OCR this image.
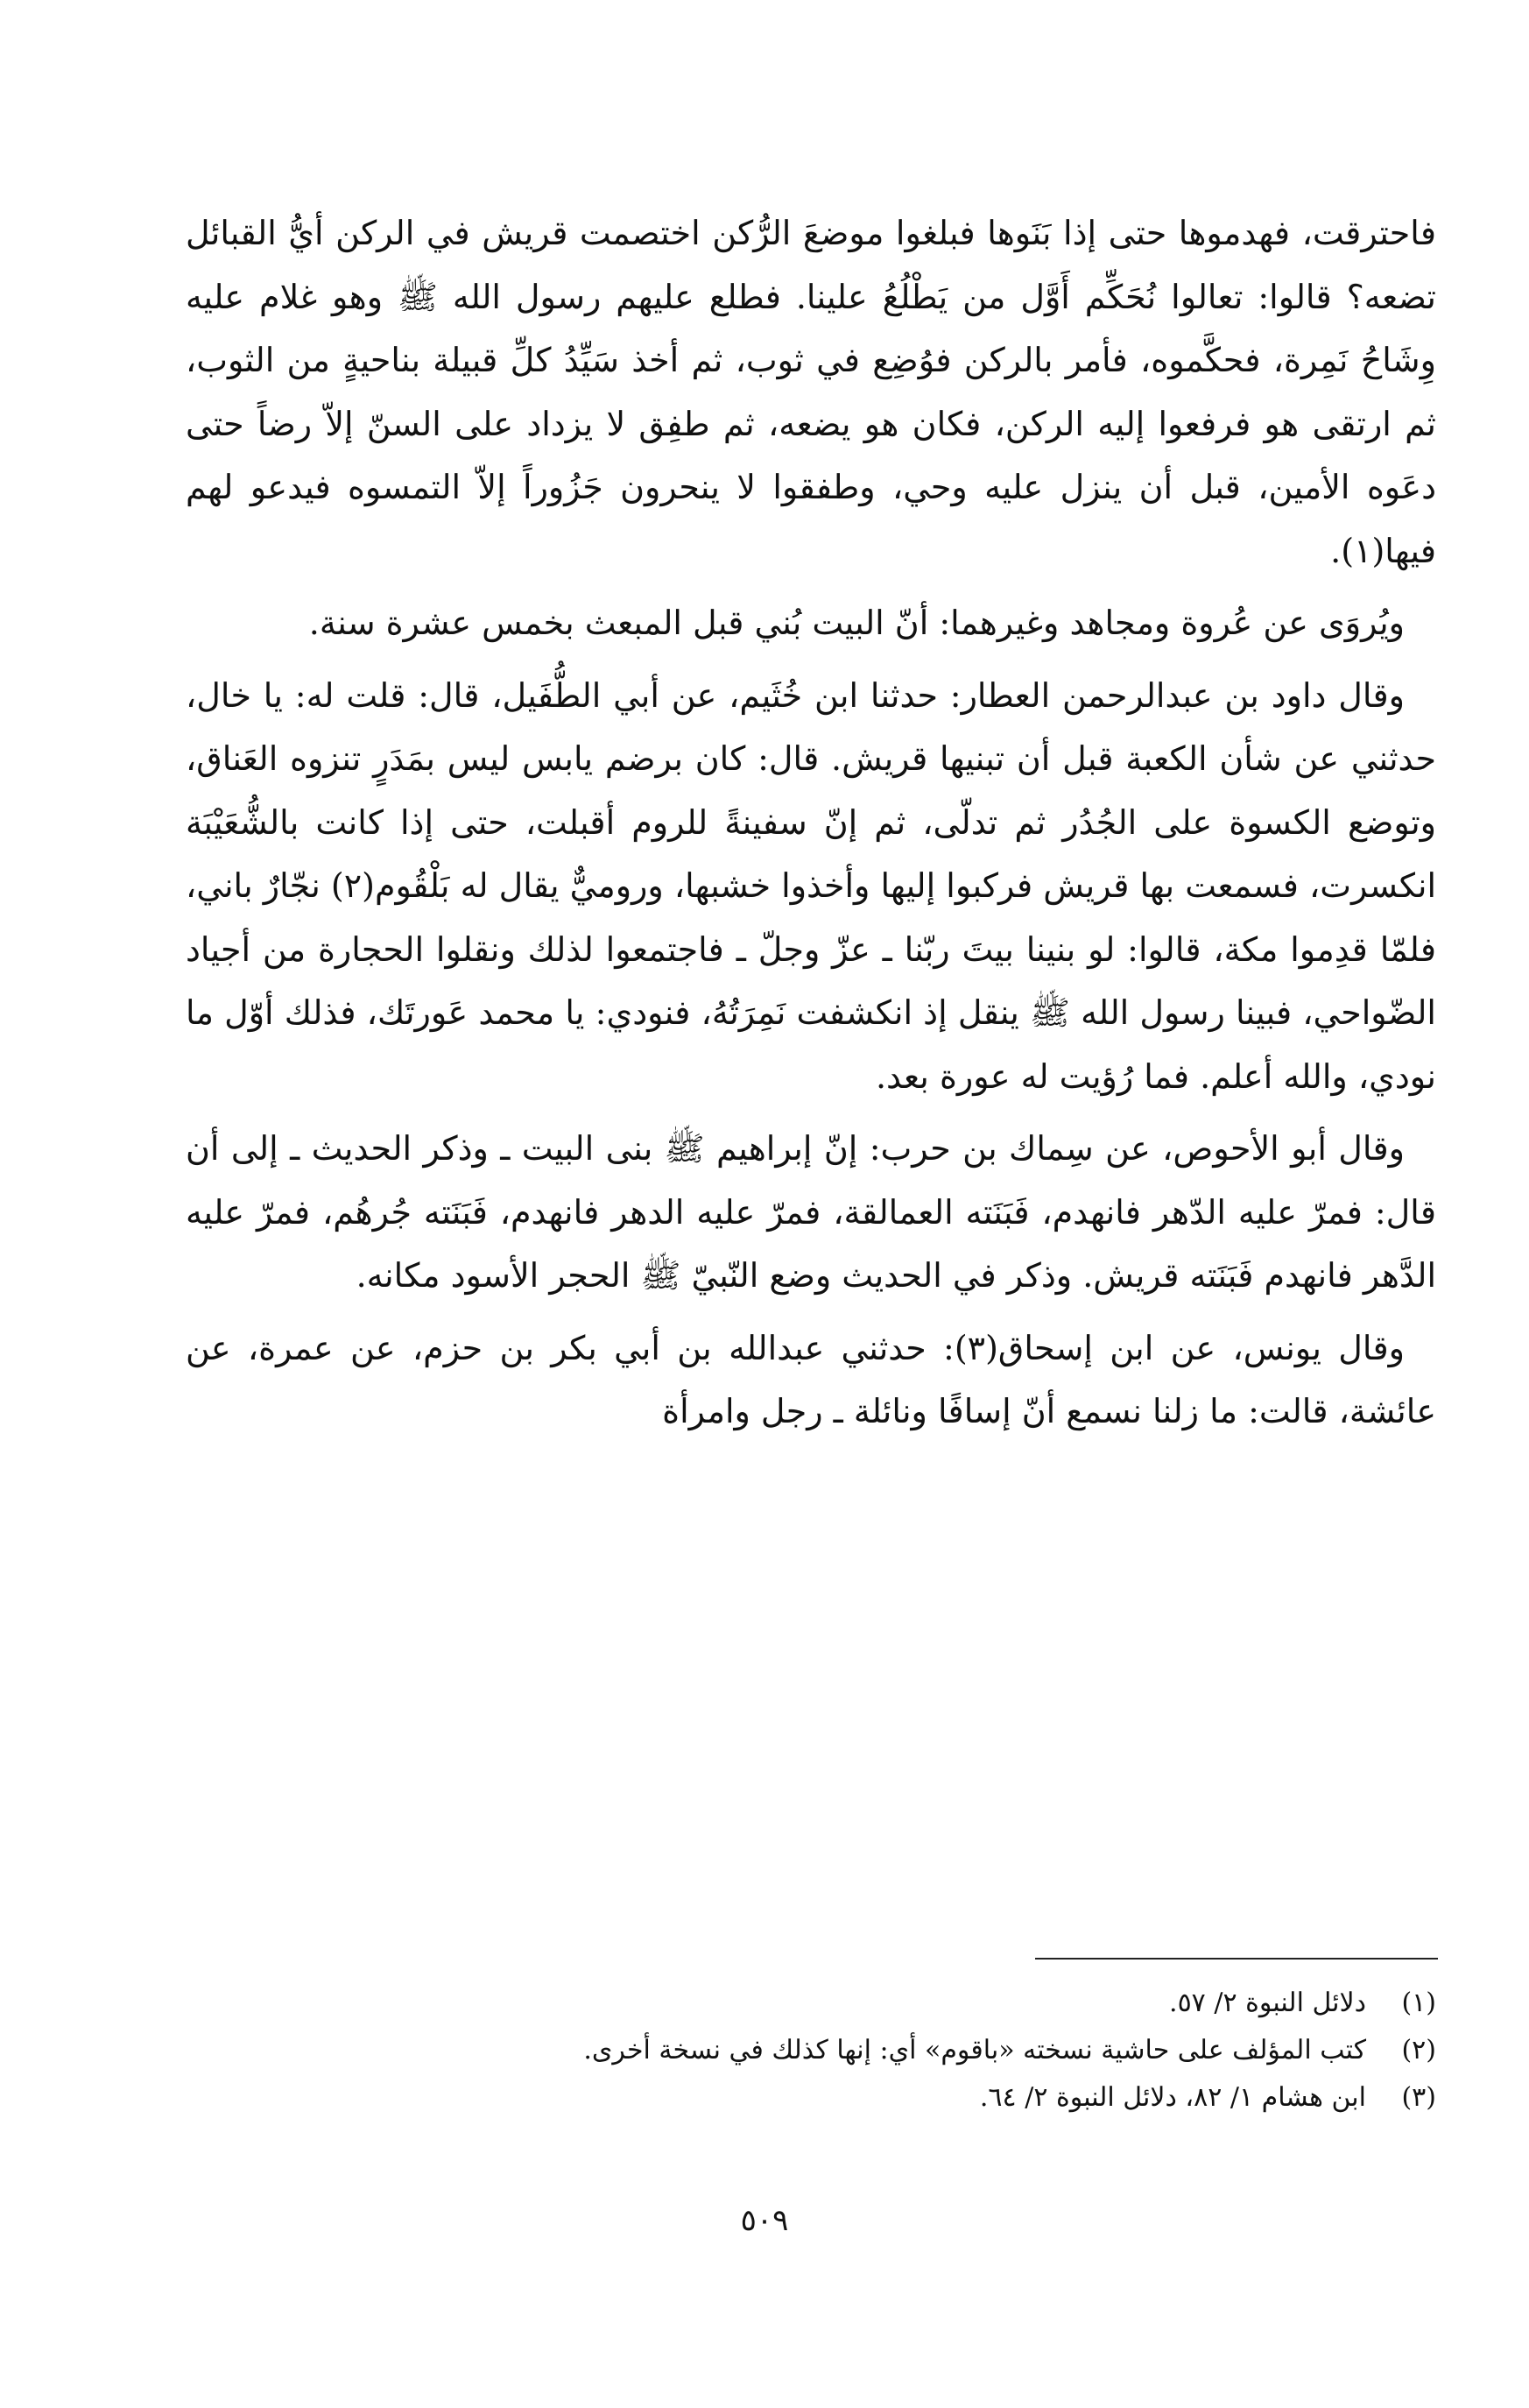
فاحترقت، فهدموها حتى إذا بَنَوها فبلغوا موضعَ الرُّكن اختصمت قريش في الركن أيُّ القبائل تضعه؟ قالوا: تعالوا نُحَكِّم أَوَّل من يَطْلُعُ علينا. فطلع عليهم رسول الله ﷺ وهو غلام عليه وِشَاحُ نَمِرة، فحكَّموه، فأمر بالركن فوُضِع في ثوب، ثم أخذ سَيِّدُ كلِّ قبيلة بناحيةٍ من الثوب، ثم ارتقى هو فرفعوا إليه الركن، فكان هو يضعه، ثم طفِق لا يزداد على السنّ إلاّ رضاً حتى دعَوه الأمين، قبل أن ينزل عليه وحي، وطفقوا لا ينحرون جَزُوراً إلاّ التمسوه فيدعو لهم فيها(١).

ويُروَى عن عُروة ومجاهد وغيرهما: أنّ البيت بُني قبل المبعث بخمس عشرة سنة.

وقال داود بن عبدالرحمن العطار: حدثنا ابن خُثَيم، عن أبي الطُّفَيل، قال: قلت له: يا خال، حدثني عن شأن الكعبة قبل أن تبنيها قريش. قال: كان برضم يابس ليس بمَدَرٍ تنزوه العَناق، وتوضع الكسوة على الجُدُر ثم تدلّى، ثم إنّ سفينةً للروم أقبلت، حتى إذا كانت بالشُّعَيْبَة انكسرت، فسمعت بها قريش فركبوا إليها وأخذوا خشبها، وروميٌّ يقال له بَلْقُوم(٢) نجّارٌ باني، فلمّا قدِموا مكة، قالوا: لو بنينا بيتَ ربّنا ـ عزّ وجلّ ـ فاجتمعوا لذلك ونقلوا الحجارة من أجياد الضّواحي، فبينا رسول الله ﷺ ينقل إذ انكشفت نَمِرَتُهُ، فنودي: يا محمد عَورتَك، فذلك أوّل ما نودي، والله أعلم. فما رُؤيت له عورة بعد.

وقال أبو الأحوص، عن سِماك بن حرب: إنّ إبراهيم ﷺ بنى البيت ـ وذكر الحديث ـ إلى أن قال: فمرّ عليه الدّهر فانهدم، فَبَنَته العمالقة، فمرّ عليه الدهر فانهدم، فَبَنَته جُرهُم، فمرّ عليه الدَّهر فانهدم فَبَنَته قريش. وذكر في الحديث وضع النّبيّ ﷺ الحجر الأسود مكانه.

وقال يونس، عن ابن إسحاق(٣): حدثني عبدالله بن أبي بكر بن حزم، عن عمرة، عن عائشة، قالت: ما زلنا نسمع أنّ إسافًا ونائلة ـ رجل وامرأة

(١)
دلائل النبوة ٢/ ٥٧.

(٢)
كتب المؤلف على حاشية نسخته «باقوم» أي: إنها كذلك في نسخة أخرى.

(٣)
ابن هشام ١/ ٨٢، دلائل النبوة ٢/ ٦٤.

٥٠٩
